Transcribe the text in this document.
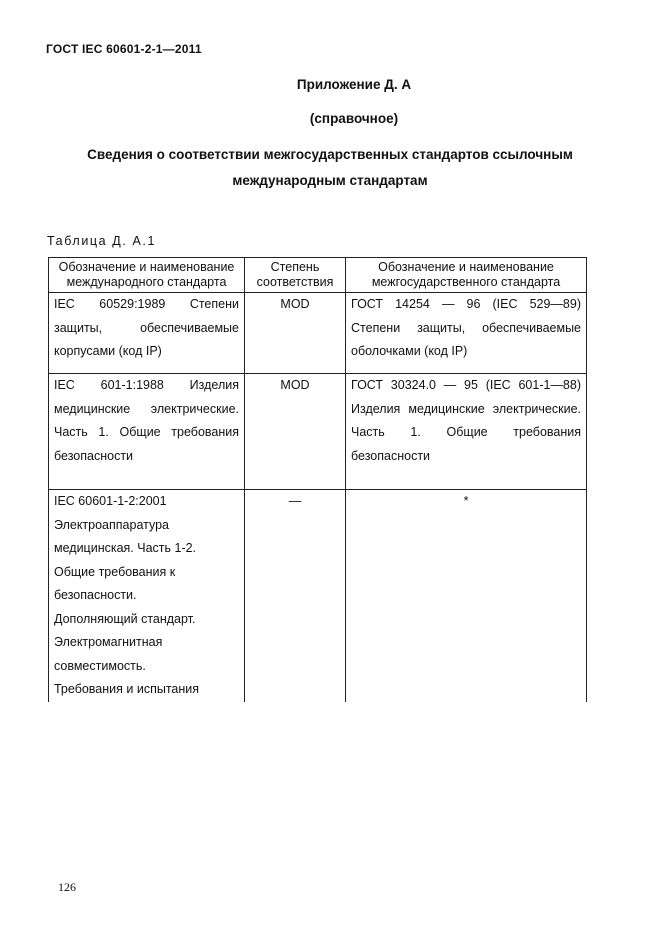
ГОСТ IEC 60601-2-1—2011
Приложение Д. А
(справочное)
Сведения о соответствии межгосударственных стандартов ссылочным
международным стандартам
Таблица Д. А.1
Обозначение и наименование международного стандарта	Степень соответствия	Обозначение и наименование межгосударственного стандарта
IEC 60529:1989 Степени защиты, обеспечиваемые корпусами (код IP)	MOD	ГОСТ 14254 — 96 (IEC 529—89) Степени защиты, обеспечиваемые оболочками (код IP)
IEC 601-1:1988 Изделия медицинские электрические. Часть 1. Общие требования безопасности	MOD	ГОСТ 30324.0 — 95 (IEC 601-1—88) Изделия медицинские электрические. Часть 1. Общие требования безопасности
IEC 60601-1-2:2001 Электроаппаратура медицинская. Часть 1-2. Общие требования к безопасности. Дополняющий стандарт. Электромагнитная совместимость. Требования и испытания	—	*
126
